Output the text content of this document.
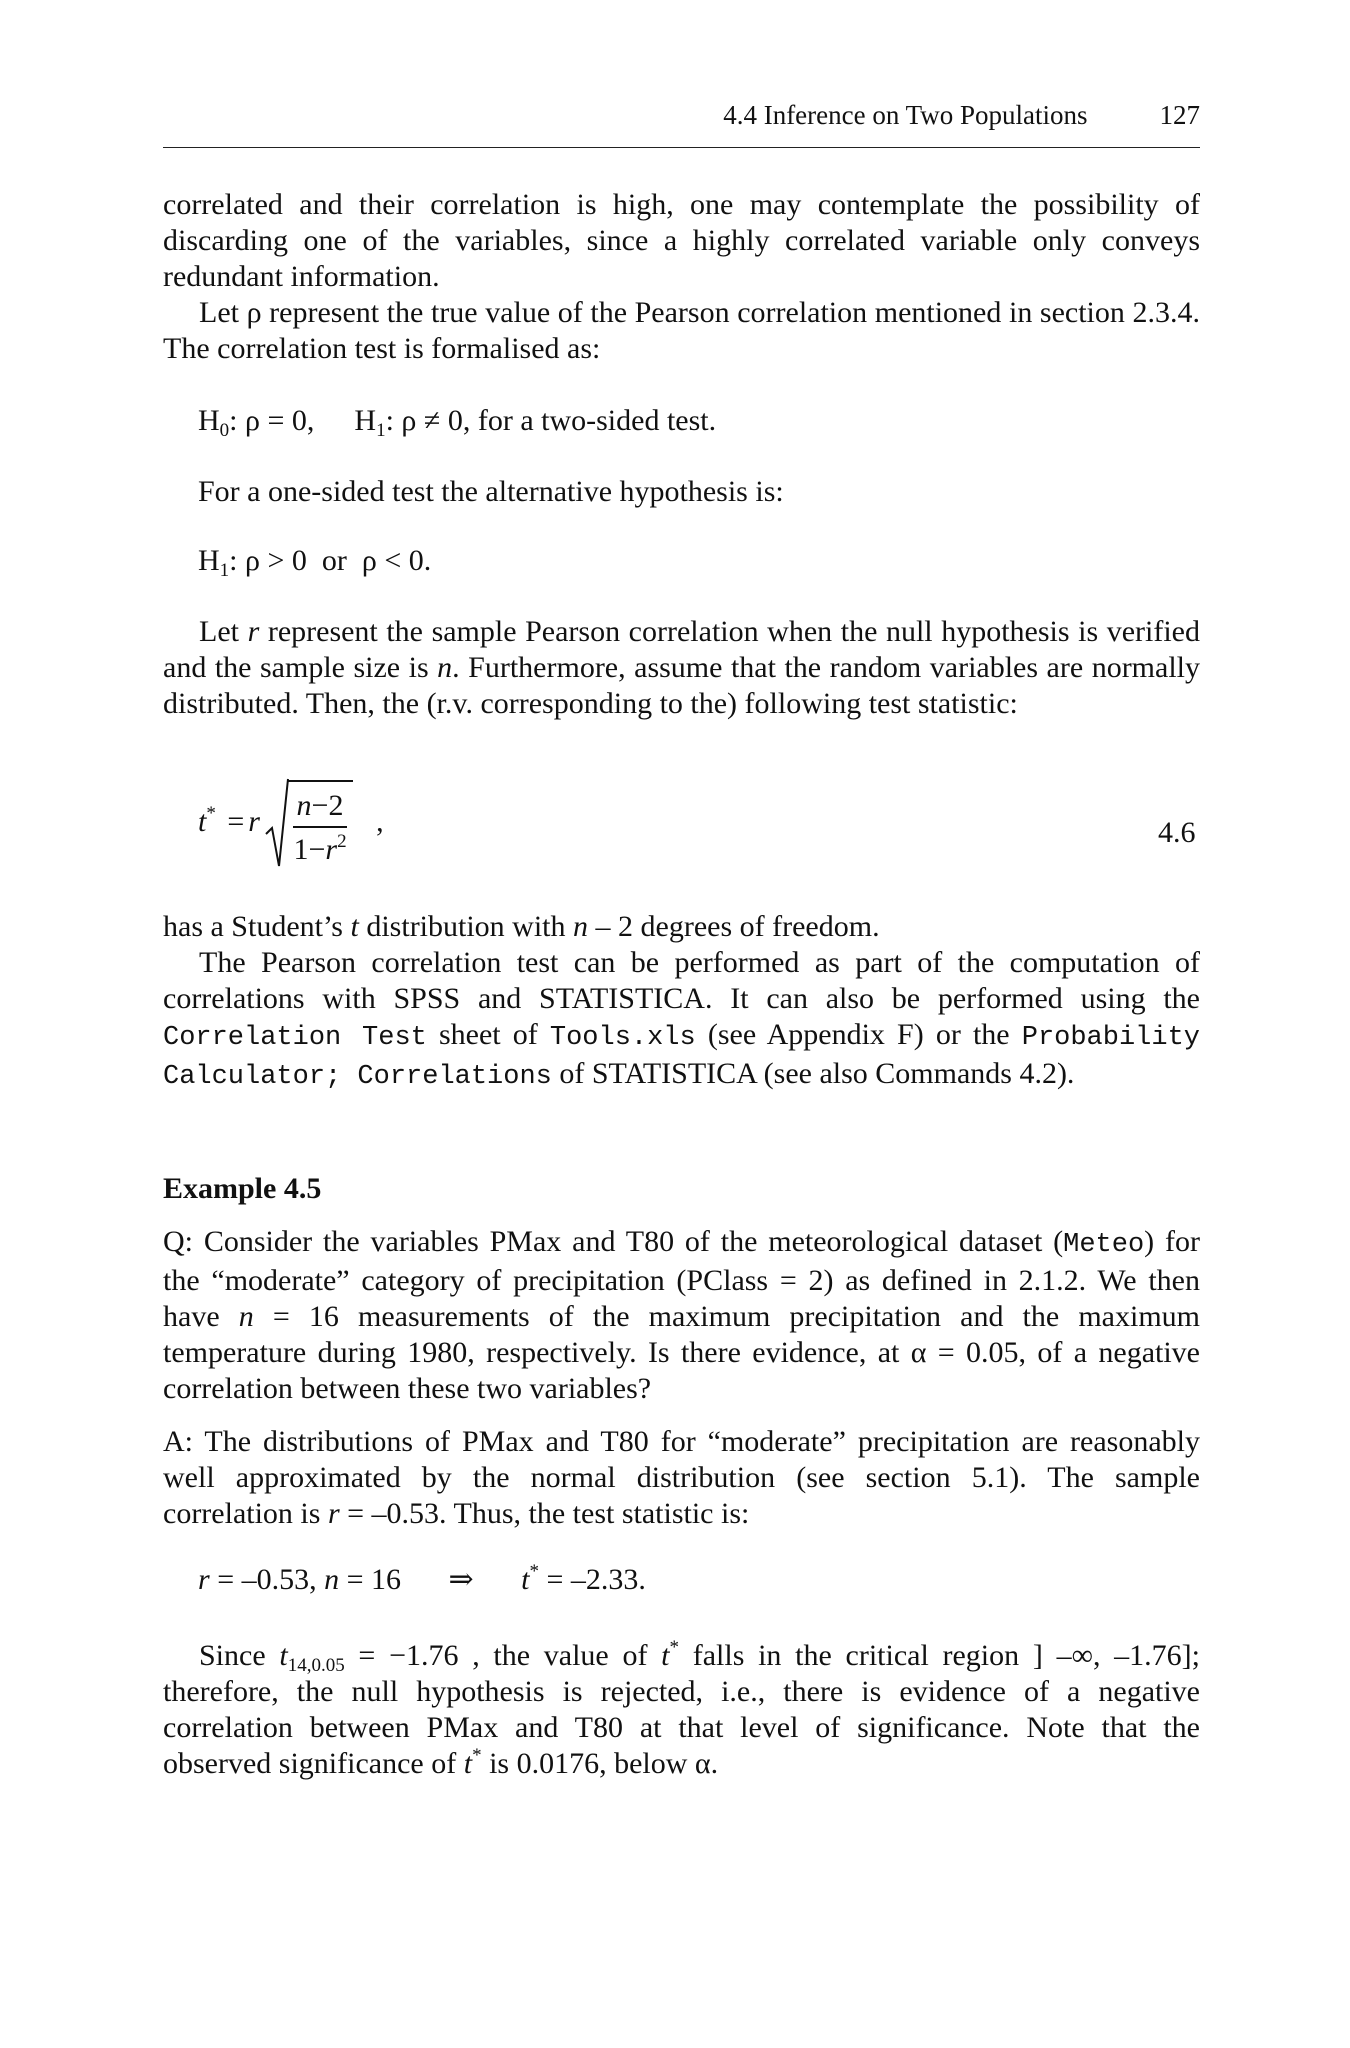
4.4 Inference on Two Populations	127

correlated and their correlation is high, one may contemplate the possibility of discarding one of the variables, since a highly correlated variable only conveys redundant information.

Let ρ represent the true value of the Pearson correlation mentioned in section 2.3.4. The correlation test is formalised as:

$H_0$: ρ = 0, $H_1$: ρ ≠ 0, for a two-sided test.

For a one-sided test the alternative hypothesis is:

$H_1$: ρ > 0  or  ρ < 0.

Let r represent the sample Pearson correlation when the null hypothesis is verified and the sample size is n. Furthermore, assume that the random variables are normally distributed. Then, the (r.v. corresponding to the) following test statistic:

t* = r $\frac{n-2}{1-r^2}$ ,	4.6

has a Student’s t distribution with n – 2 degrees of freedom.

The Pearson correlation test can be performed as part of the computation of correlations with SPSS and STATISTICA. It can also be performed using the Correlation Test sheet of Tools.xls (see Appendix F) or the Probability Calculator; Correlations of STATISTICA (see also Commands 4.2).

Example 4.5

Q: Consider the variables PMax and T80 of the meteorological dataset (Meteo) for the “moderate” category of precipitation (PClass = 2) as defined in 2.1.2. We then have n = 16 measurements of the maximum precipitation and the maximum temperature during 1980, respectively. Is there evidence, at α = 0.05, of a negative correlation between these two variables?

A: The distributions of PMax and T80 for “moderate” precipitation are reasonably well approximated by the normal distribution (see section 5.1). The sample correlation is r = –0.53. Thus, the test statistic is:

r = –0.53, n = 16 ⇒ t* = –2.33.

Since $t_{14,0.05} = -1.76$ , the value of t* falls in the critical region ] –∞, –1.76]; therefore, the null hypothesis is rejected, i.e., there is evidence of a negative correlation between PMax and T80 at that level of significance. Note that the observed significance of t* is 0.0176, below α.
